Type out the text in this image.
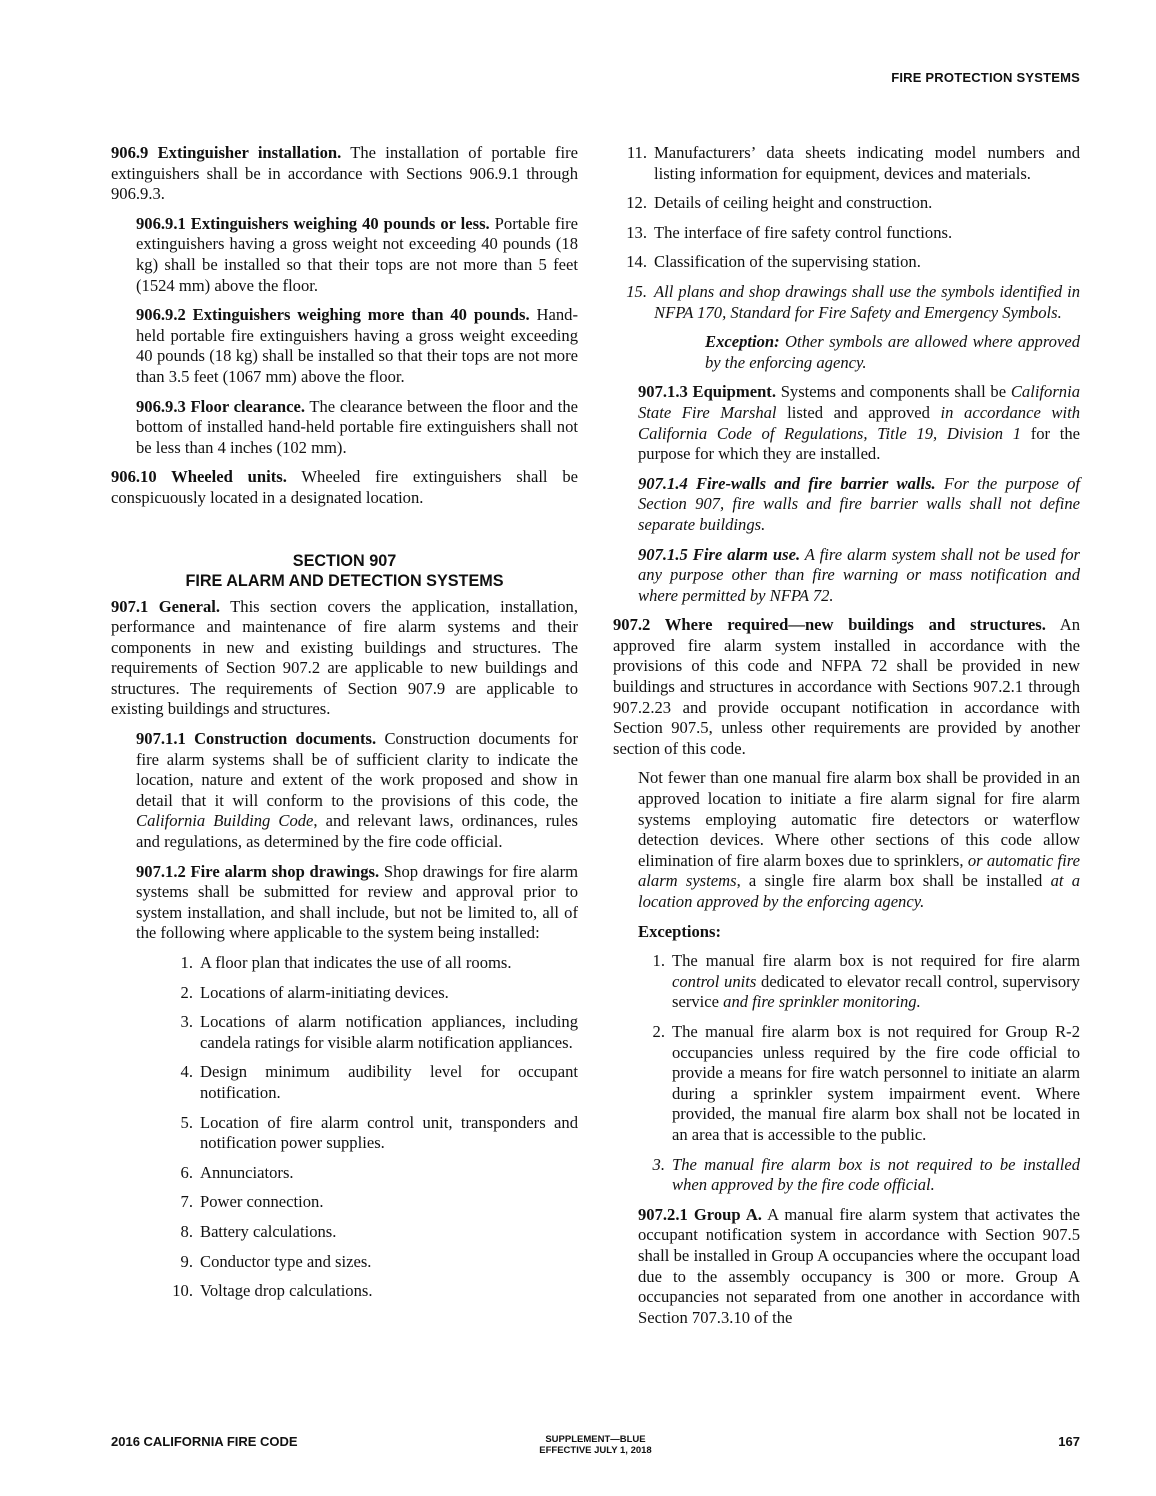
FIRE PROTECTION SYSTEMS

906.9 Extinguisher installation. The installation of portable fire extinguishers shall be in accordance with Sections 906.9.1 through 906.9.3.

906.9.1 Extinguishers weighing 40 pounds or less. Portable fire extinguishers having a gross weight not exceeding 40 pounds (18 kg) shall be installed so that their tops are not more than 5 feet (1524 mm) above the floor.

906.9.2 Extinguishers weighing more than 40 pounds. Hand-held portable fire extinguishers having a gross weight exceeding 40 pounds (18 kg) shall be installed so that their tops are not more than 3.5 feet (1067 mm) above the floor.

906.9.3 Floor clearance. The clearance between the floor and the bottom of installed hand-held portable fire extinguishers shall not be less than 4 inches (102 mm).

906.10 Wheeled units. Wheeled fire extinguishers shall be conspicuously located in a designated location.

SECTION 907
FIRE ALARM AND DETECTION SYSTEMS

907.1 General. This section covers the application, installation, performance and maintenance of fire alarm systems and their components in new and existing buildings and structures. The requirements of Section 907.2 are applicable to new buildings and structures. The requirements of Section 907.9 are applicable to existing buildings and structures.

907.1.1 Construction documents. Construction documents for fire alarm systems shall be of sufficient clarity to indicate the location, nature and extent of the work proposed and show in detail that it will conform to the provisions of this code, the California Building Code, and relevant laws, ordinances, rules and regulations, as determined by the fire code official.

907.1.2 Fire alarm shop drawings. Shop drawings for fire alarm systems shall be submitted for review and approval prior to system installation, and shall include, but not be limited to, all of the following where applicable to the system being installed:

1. A floor plan that indicates the use of all rooms.
2. Locations of alarm-initiating devices.
3. Locations of alarm notification appliances, including candela ratings for visible alarm notification appliances.
4. Design minimum audibility level for occupant notification.
5. Location of fire alarm control unit, transponders and notification power supplies.
6. Annunciators.
7. Power connection.
8. Battery calculations.
9. Conductor type and sizes.
10. Voltage drop calculations.
11. Manufacturers’ data sheets indicating model numbers and listing information for equipment, devices and materials.
12. Details of ceiling height and construction.
13. The interface of fire safety control functions.
14. Classification of the supervising station.
15. All plans and shop drawings shall use the symbols identified in NFPA 170, Standard for Fire Safety and Emergency Symbols.

Exception: Other symbols are allowed where approved by the enforcing agency.

907.1.3 Equipment. Systems and components shall be California State Fire Marshal listed and approved in accordance with California Code of Regulations, Title 19, Division 1 for the purpose for which they are installed.

907.1.4 Fire-walls and fire barrier walls. For the purpose of Section 907, fire walls and fire barrier walls shall not define separate buildings.

907.1.5 Fire alarm use. A fire alarm system shall not be used for any purpose other than fire warning or mass notification and where permitted by NFPA 72.

907.2 Where required—new buildings and structures. An approved fire alarm system installed in accordance with the provisions of this code and NFPA 72 shall be provided in new buildings and structures in accordance with Sections 907.2.1 through 907.2.23 and provide occupant notification in accordance with Section 907.5, unless other requirements are provided by another section of this code.

Not fewer than one manual fire alarm box shall be provided in an approved location to initiate a fire alarm signal for fire alarm systems employing automatic fire detectors or waterflow detection devices. Where other sections of this code allow elimination of fire alarm boxes due to sprinklers, or automatic fire alarm systems, a single fire alarm box shall be installed at a location approved by the enforcing agency.

Exceptions:

1. The manual fire alarm box is not required for fire alarm control units dedicated to elevator recall control, supervisory service and fire sprinkler monitoring.
2. The manual fire alarm box is not required for Group R-2 occupancies unless required by the fire code official to provide a means for fire watch personnel to initiate an alarm during a sprinkler system impairment event. Where provided, the manual fire alarm box shall not be located in an area that is accessible to the public.
3. The manual fire alarm box is not required to be installed when approved by the fire code official.

907.2.1 Group A. A manual fire alarm system that activates the occupant notification system in accordance with Section 907.5 shall be installed in Group A occupancies where the occupant load due to the assembly occupancy is 300 or more. Group A occupancies not separated from one another in accordance with Section 707.3.10 of the

2016 CALIFORNIA FIRE CODE	SUPPLEMENT—BLUE
EFFECTIVE JULY 1, 2018
167
